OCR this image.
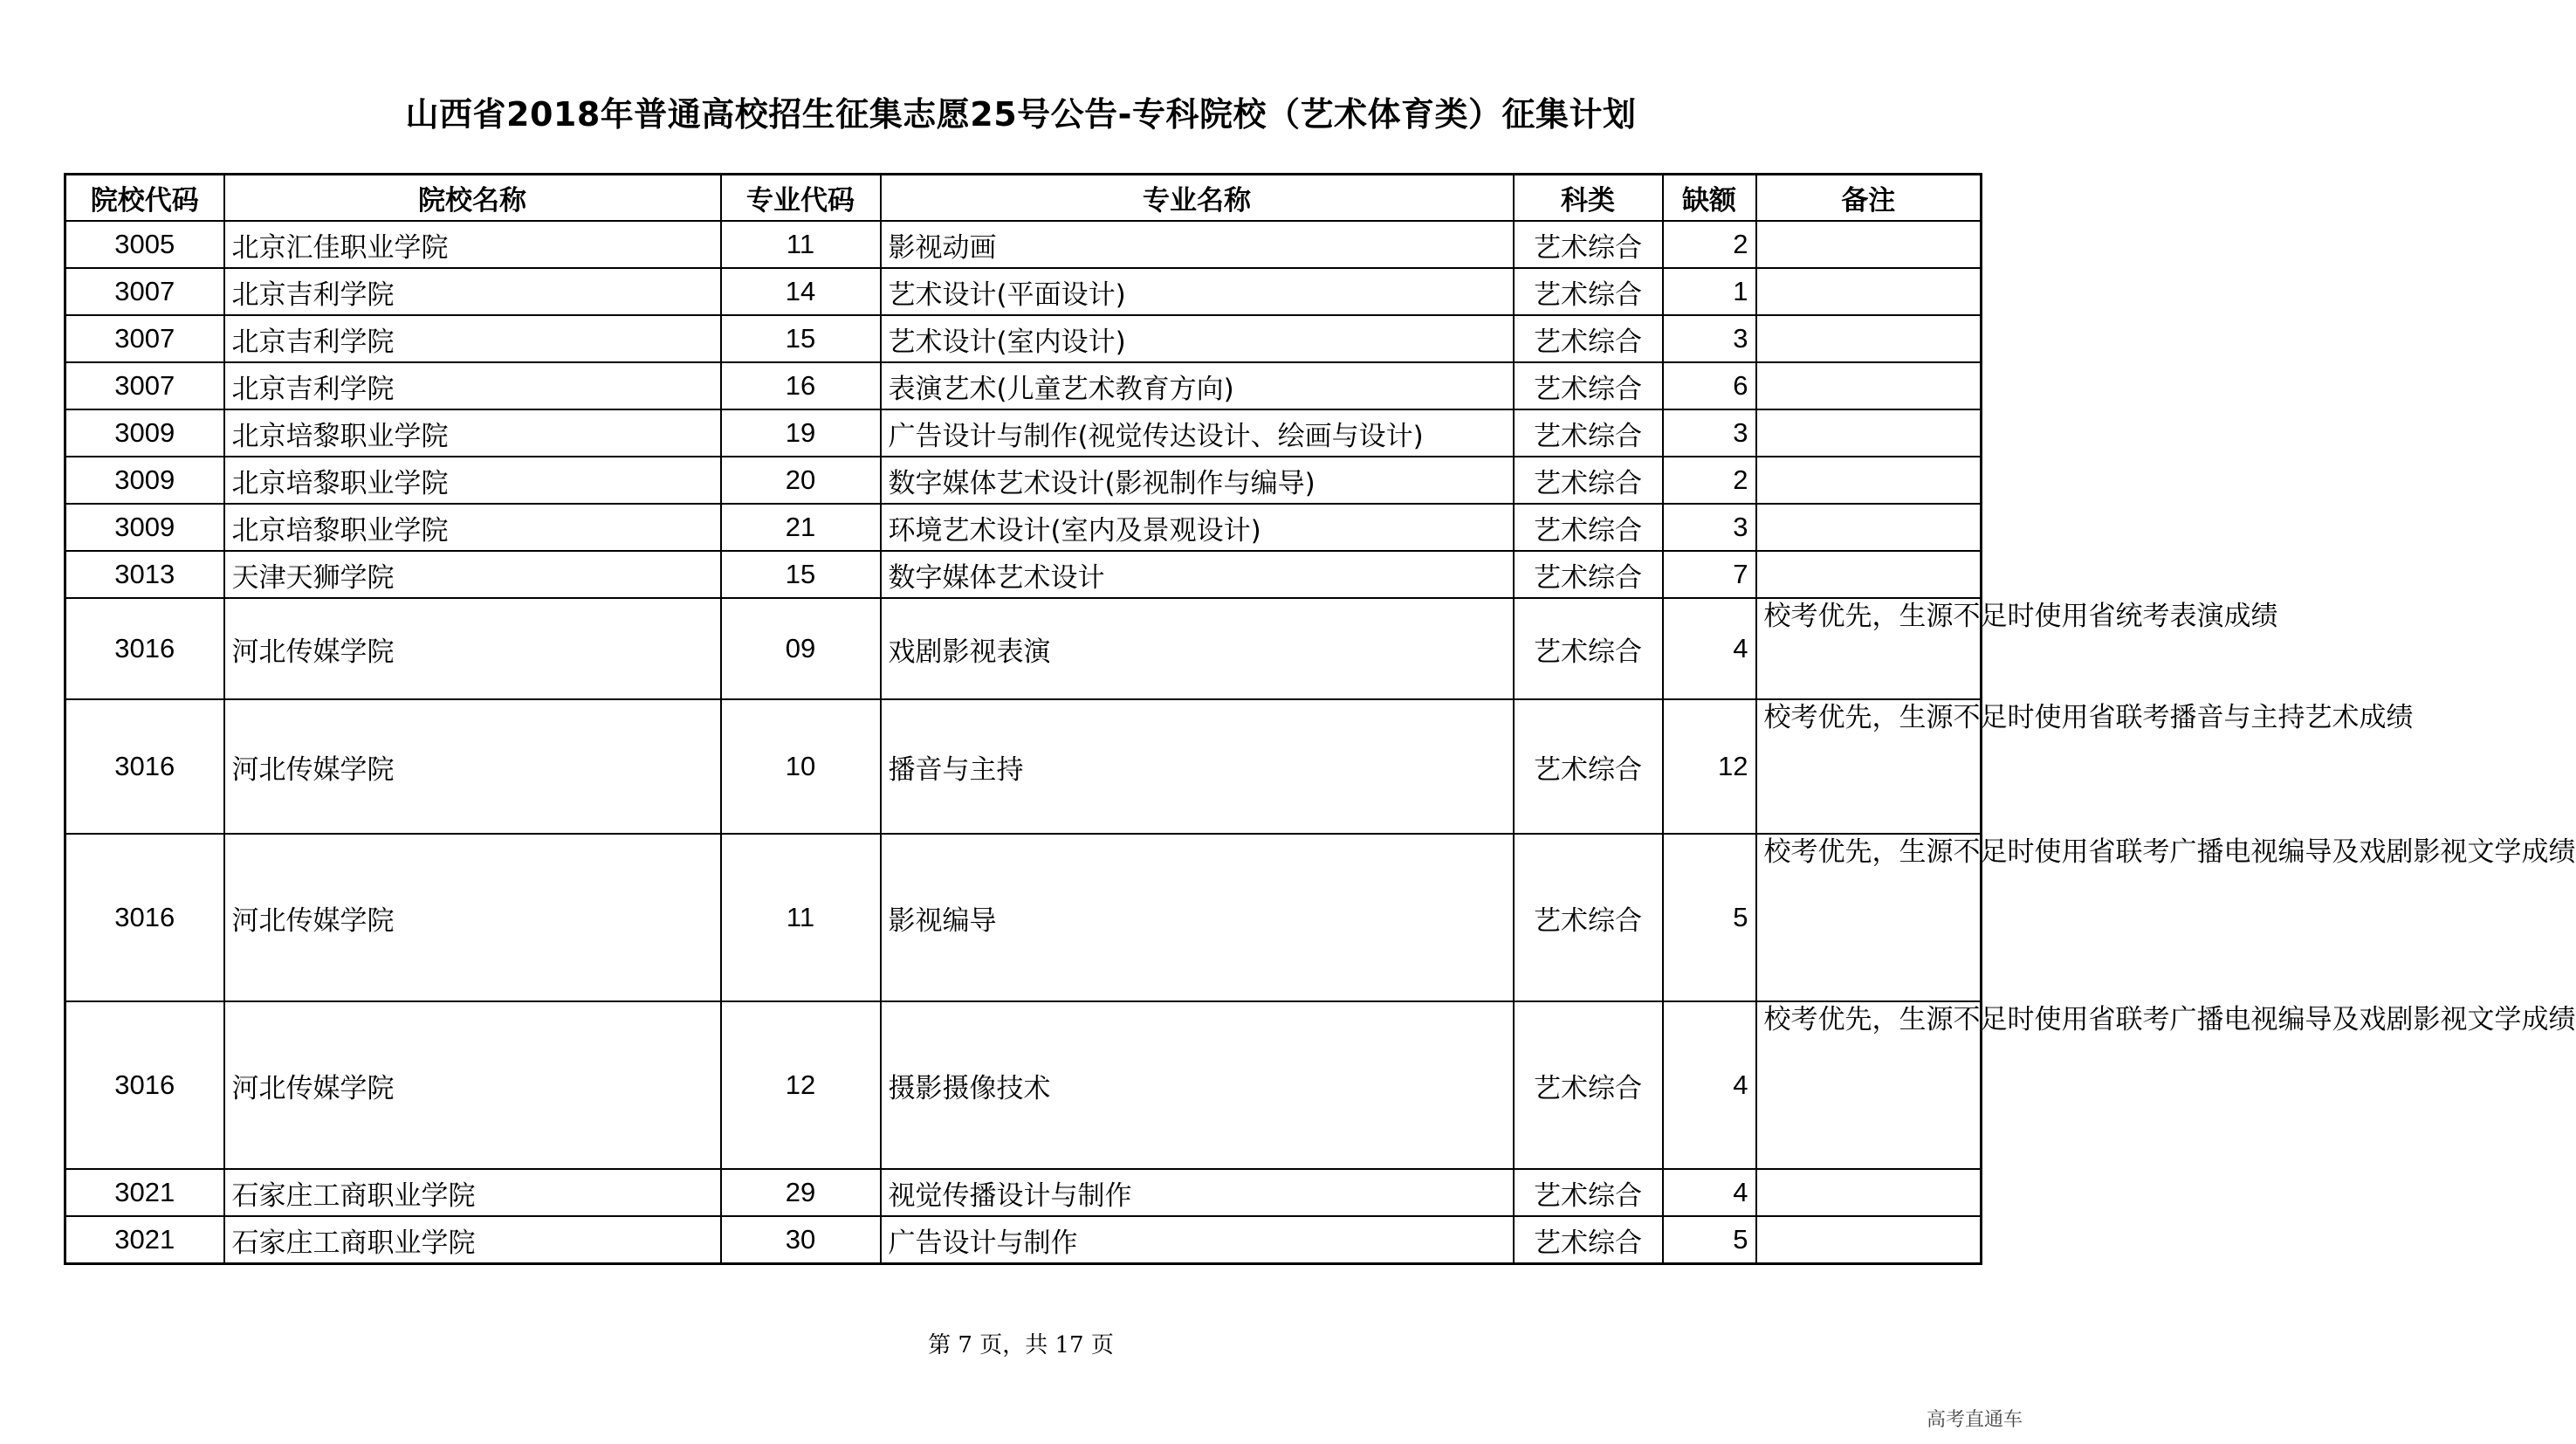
山西省2018年普通高校招生征集志愿25号公告-专科院校（艺术体育类）征集计划
院校代码	院校名称	专业代码	专业名称	科类	缺额	备注
3005	北京汇佳职业学院	11	影视动画	艺术综合	2	
3007	北京吉利学院	14	艺术设计(平面设计)	艺术综合	1	
3007	北京吉利学院	15	艺术设计(室内设计)	艺术综合	3	
3007	北京吉利学院	16	表演艺术(儿童艺术教育方向)	艺术综合	6	
3009	北京培黎职业学院	19	广告设计与制作(视觉传达设计、绘画与设计)	艺术综合	3	
3009	北京培黎职业学院	20	数字媒体艺术设计(影视制作与编导)	艺术综合	2	
3009	北京培黎职业学院	21	环境艺术设计(室内及景观设计)	艺术综合	3	
3013	天津天狮学院	15	数字媒体艺术设计	艺术综合	7	
3016	河北传媒学院	09	戏剧影视表演	艺术综合	4	校考优先，生源不足时使用省统考表演成绩
3016	河北传媒学院	10	播音与主持	艺术综合	12	校考优先，生源不足时使用省联考播音与主持艺术成绩
3016	河北传媒学院	11	影视编导	艺术综合	5	校考优先，生源不足时使用省联考广播电视编导及戏剧影视文学成绩
3016	河北传媒学院	12	摄影摄像技术	艺术综合	4	校考优先，生源不足时使用省联考广播电视编导及戏剧影视文学成绩
3021	石家庄工商职业学院	29	视觉传播设计与制作	艺术综合	4	
3021	石家庄工商职业学院	30	广告设计与制作	艺术综合	5	
第 7 页，共 17 页
高考直通车
